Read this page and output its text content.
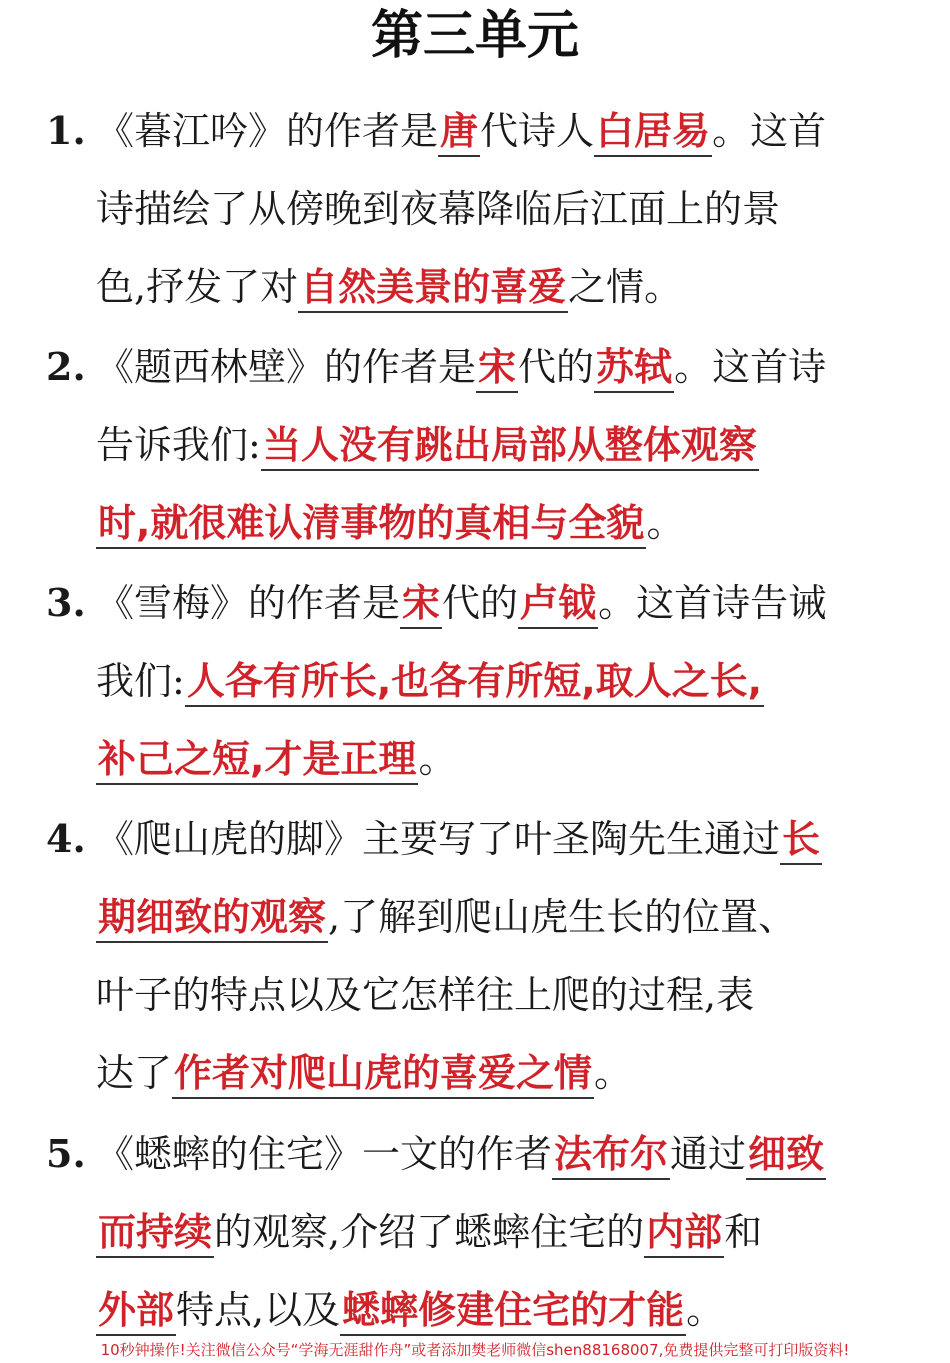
第三单元
1. 《暮江吟》的作者是唐代诗人白居易。这首
诗描绘了从傍晚到夜幕降临后江面上的景
色,抒发了对自然美景的喜爱之情。
2. 《题西林壁》的作者是宋代的苏轼。这首诗
告诉我们:当人没有跳出局部从整体观察
时,就很难认清事物的真相与全貌。
3. 《雪梅》的作者是宋代的卢钺。这首诗告诫
我们:人各有所长,也各有所短,取人之长,
补己之短,才是正理。
4. 《爬山虎的脚》主要写了叶圣陶先生通过长
期细致的观察,了解到爬山虎生长的位置、
叶子的特点以及它怎样往上爬的过程,表
达了作者对爬山虎的喜爱之情。
5. 《蟋蟀的住宅》一文的作者法布尔通过细致
而持续的观察,介绍了蟋蟀住宅的内部和
外部特点,以及蟋蟀修建住宅的才能。
10秒钟操作!关注微信公众号“学海无涯甜作舟”或者添加樊老师微信shen88168007,免费提供完整可打印版资料!
